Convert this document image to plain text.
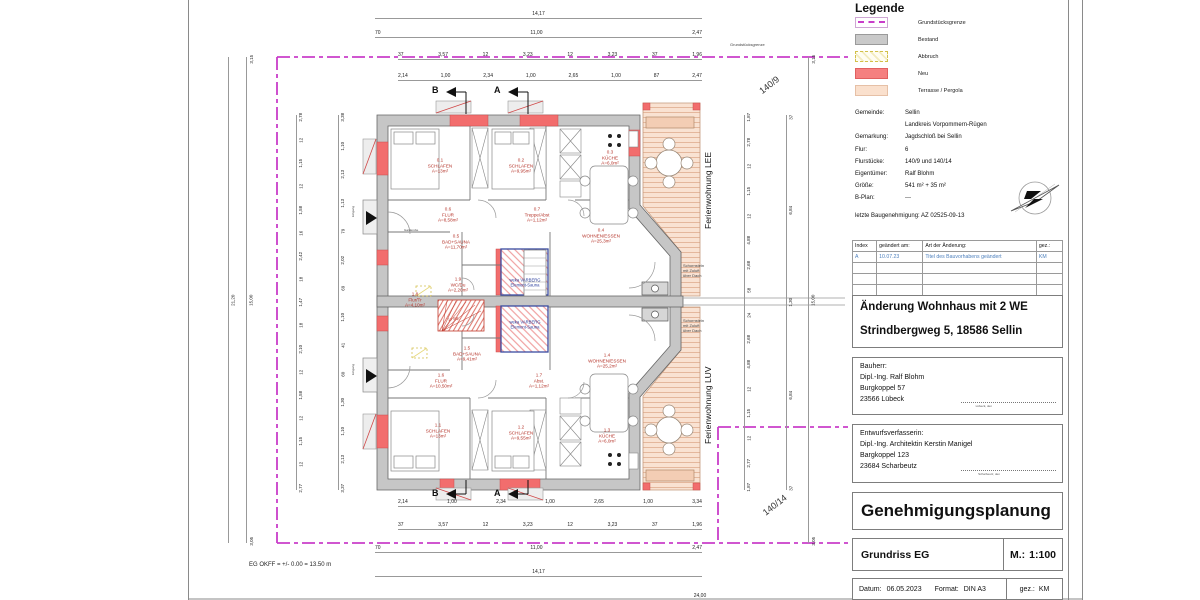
Grundstücksgrenze
140/9
140/14
Ferienwohnung LEE
Ferienwohnung LUV
EG OKFF = +/- 0.00 = 13.50 m
17 Stg.
Garderobe
Eingang
Eingang
Schornstein
mit Zuluft
über Dach
Schornstein
mit Zuluft
über Dach
B	A
B	A
weka VARBERG
Element-Sauna
weka VARBERG
Element-Sauna
0.1
SCHLAFEN
A=13m²
0.2
SCHLAFEN
A=9,95m²
0.3
KÜCHE
A=6,0m²
0.4
WOHNEN/ESSEN
A=25,3m²
0.5
BAD+SAUNA
A=11,70m²
0.6
FLUR
A=8,58m²
0.7
Treppe/Abst
A=1,12m²
1.9
WC/Du
A=2,20m²
1.8
Flur/Tr
A=4,10m²
1.5
BAD+SAUNA
A=9,41m²
1.6
FLUR
A=10,50m²
1.7
Abst.
A=1,12m²
1.4
WOHNEN/ESSEN
A=25,2m²
1.1
SCHLAFEN
A=13m²
1.2
SCHLAFEN
A=9,55m²
1.3
KÜCHE
A=6,0m²
14,17
70	11,00	2,47
37	3,57	12	3,23	12	3,23	37	1,96
2,14	1,00	2,34	1,00	2,65	1,00	87	2,47
2,14	1,00	2,34	1,00	2,65	1,00	3,34
37	3,57	12	3,23	12	3,23	37	1,96
70	11,00	2,47
14,17
24,00
21,20
3,15
15,00
3,05
2,78
12
1,15
12
1,58
16
2,42
18
1,47
18
2,10
12
1,58
12
1,15
12
2,77
3,38
1,10
2,13
1,13
79
2,02
69
1,10
41
60
1,30
1,10
2,13
3,37
1,87
2,78
12
1,15
12
4,88
2,68
58
24
2,68
4,88
12
1,15
12
2,77
1,87
37
6,84
1,30
6,84
37
3,15
15,00
3,05
Legende
Grundstücksgrenze
Bestand
Abbruch
Neu
Terrasse / Pergola
Gemeinde:	Sellin
Landkreis Vorpommern-Rügen
Gemarkung:	Jagdschloß bei Sellin
Flur:	6
Flurstücke:	140/9 und 140/14
Eigentümer:	Ralf Blohm
Größe:	541 m² + 35 m²
B-Plan:	---
letzte Baugenehmigung: AZ 02525-09-13
Index	geändert am:	Art der Änderung:	gez.:
A	10.07.23	Titel des Bauvorhabens geändert	KM

Änderung Wohnhaus mit 2 WE
Strindbergweg 5, 18586 Sellin
Bauherr:
Dipl.-Ing. Ralf Blohm
Burgkoppel 57
23566 Lübeck
Lübeck, den
Entwurfsverfasserin:
Dipl.-Ing. Architektin Kerstin Manigel
Bargkoppel 123
23684 Scharbeutz
Scharbeutz, den
Genehmigungsplanung
Grundriss EG	M.: 1:100
Datum: 06.05.2023 Format: DIN A3	gez.: KM
